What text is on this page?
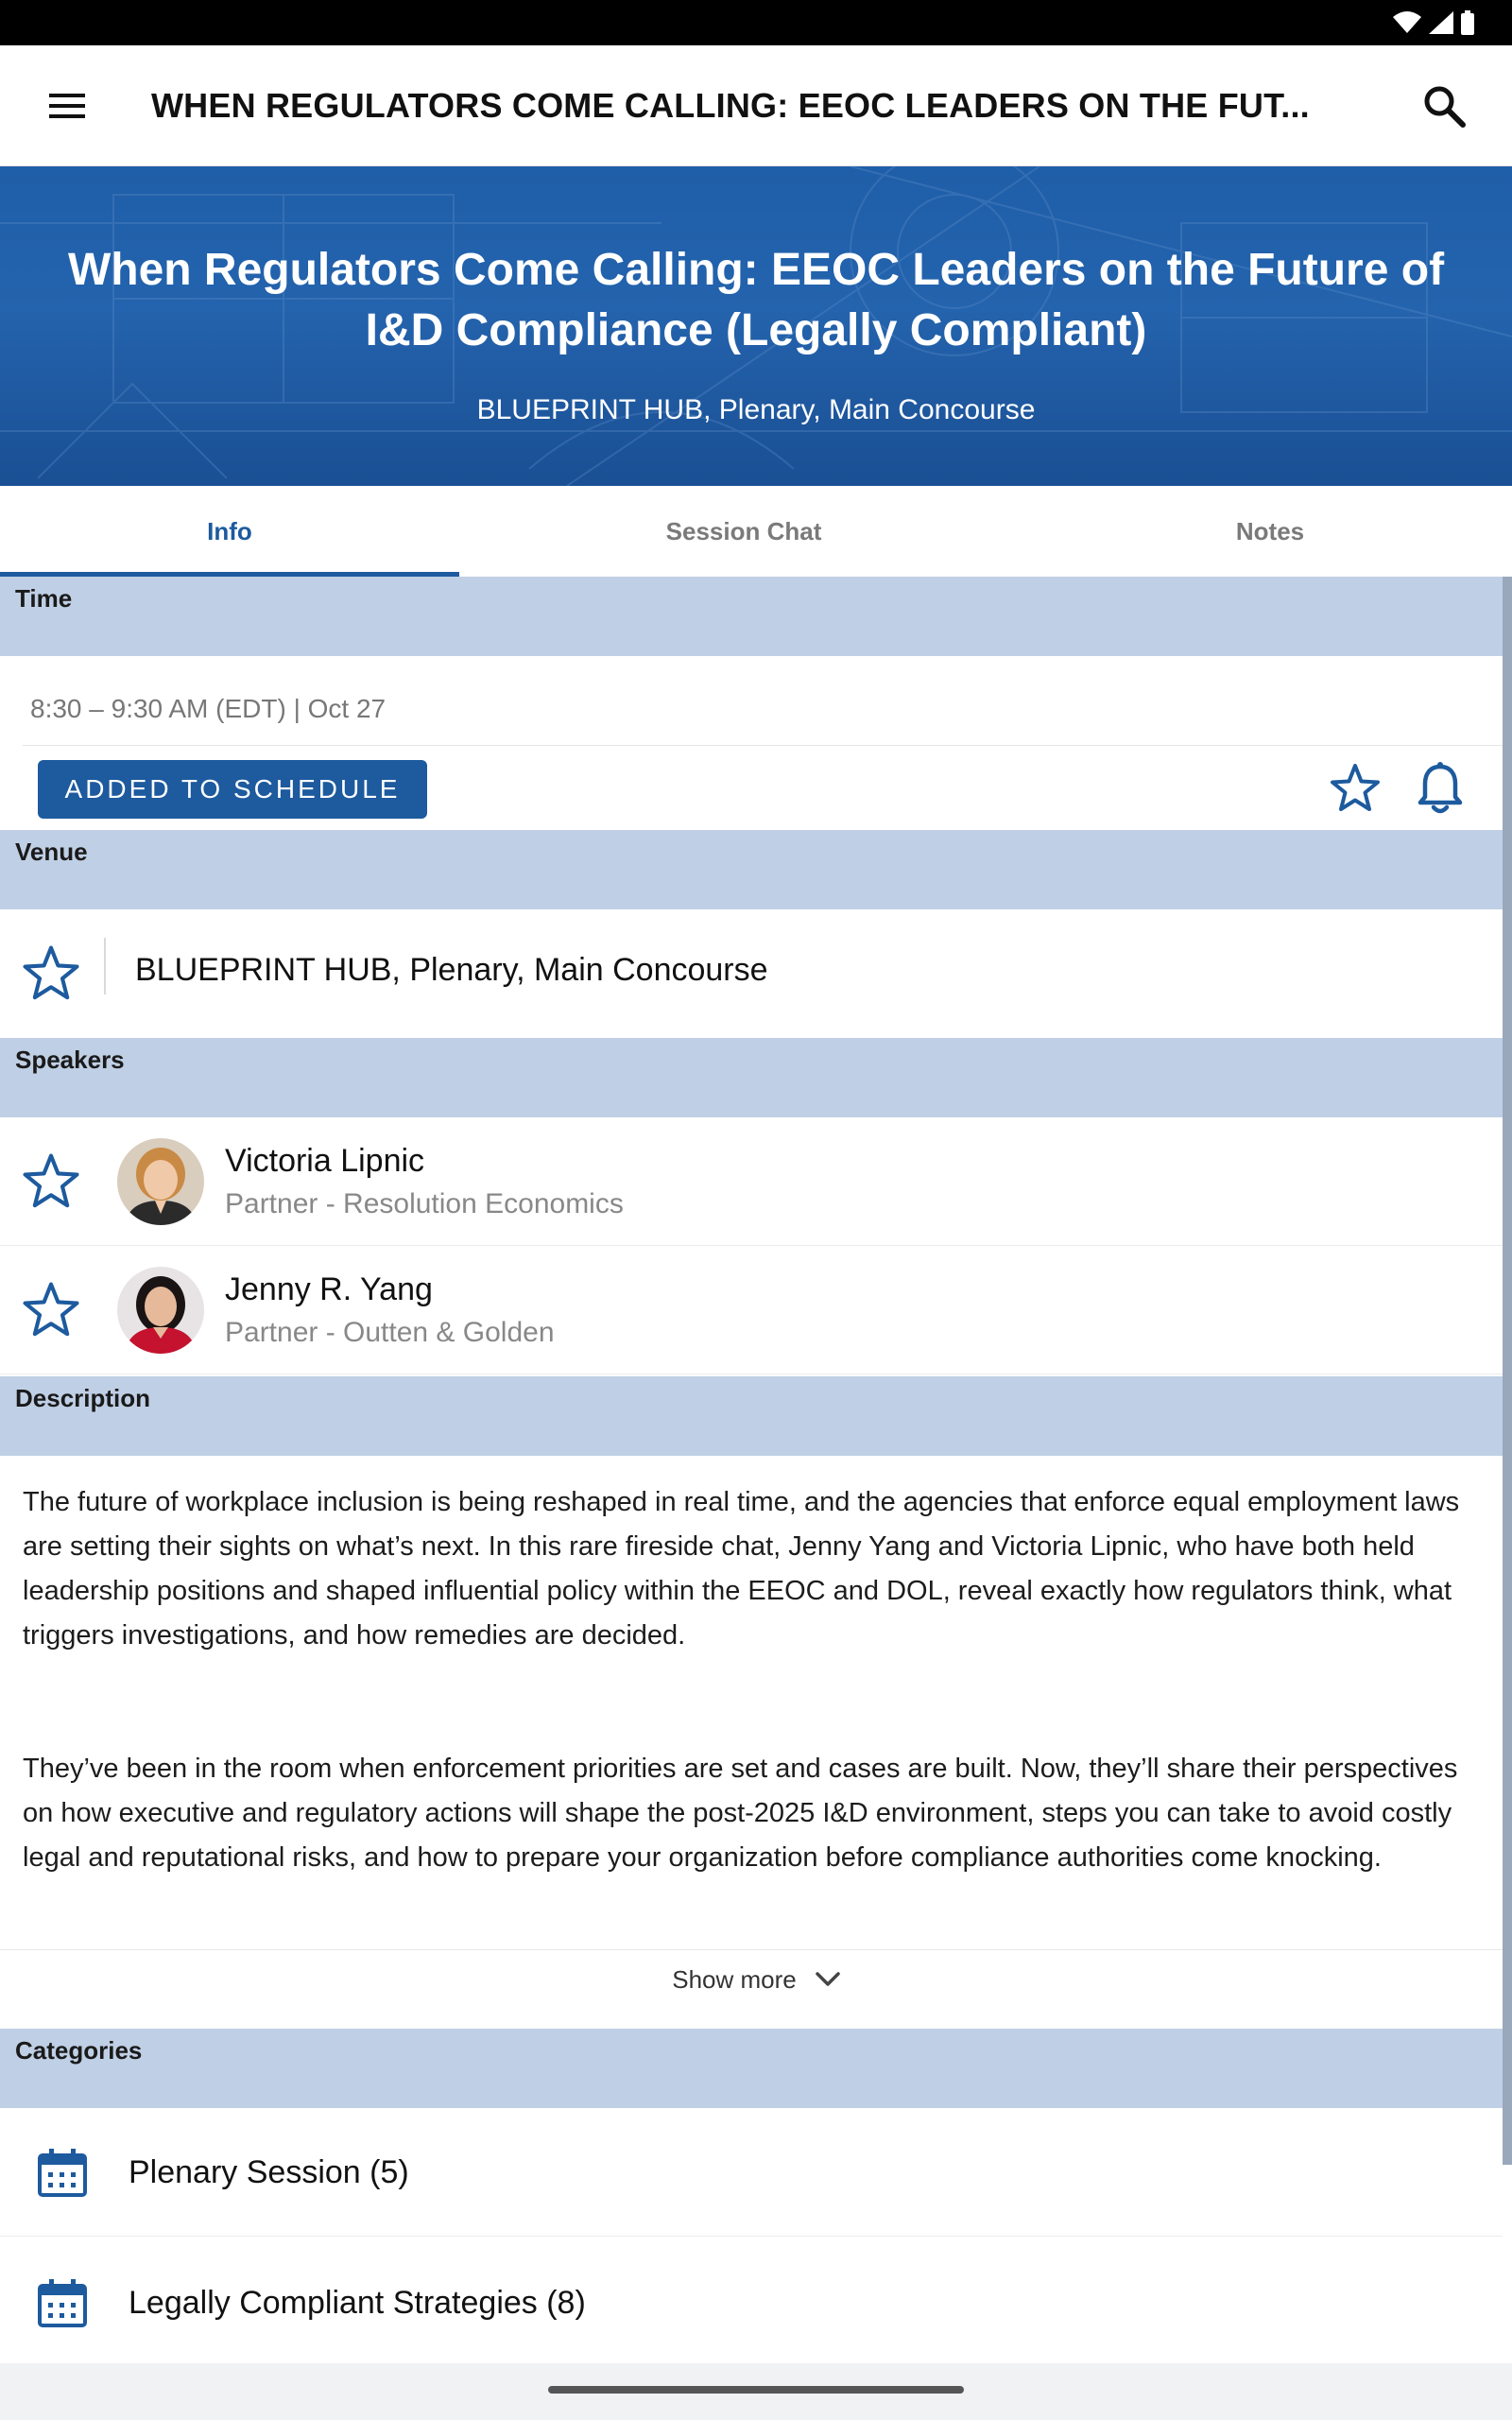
WHEN REGULATORS COME CALLING: EEOC LEADERS ON THE FUT...
When Regulators Come Calling: EEOC Leaders on the Future of I&D Compliance (Legally Compliant)
BLUEPRINT HUB, Plenary, Main Concourse
Info	Session Chat	Notes
Time
8:30 – 9:30 AM (EDT) | Oct 27
ADDED TO SCHEDULE
Venue
BLUEPRINT HUB, Plenary, Main Concourse
Speakers
Victoria Lipnic
Partner - Resolution Economics
Jenny R. Yang
Partner - Outten & Golden
Description
The future of workplace inclusion is being reshaped in real time, and the agencies that enforce equal employment laws are setting their sights on what’s next. In this rare fireside chat, Jenny Yang and Victoria Lipnic, who have both held leadership positions and shaped influential policy within the EEOC and DOL, reveal exactly how regulators think, what triggers investigations, and how remedies are decided.
They’ve been in the room when enforcement priorities are set and cases are built. Now, they’ll share their perspectives on how executive and regulatory actions will shape the post-2025 I&D environment, steps you can take to avoid costly legal and reputational risks, and how to prepare your organization before compliance authorities come knocking.
Show more
Categories
Plenary Session (5)
Legally Compliant Strategies (8)
